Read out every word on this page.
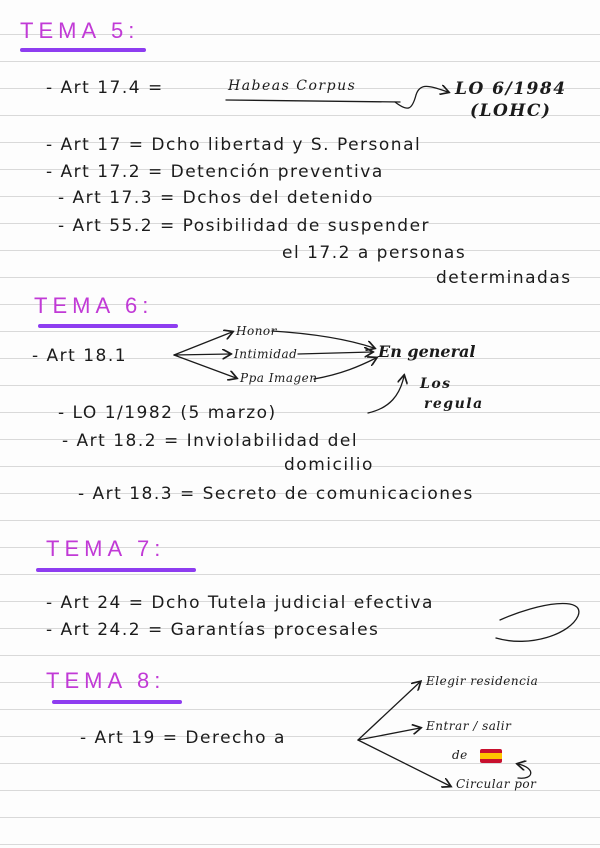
TEMA 5:
- Art 17.4 =	Habeas Corpus	LO 6/1984
(LOHC)
- Art 17 = Dcho libertad y S. Personal
- Art 17.2 = Detención preventiva
- Art 17.3 = Dchos del detenido
- Art 55.2 = Posibilidad de suspender
el 17.2 a personas
determinadas
TEMA 6:
- Art 18.1
Honor
Intimidad
Ppa Imagen
En general
Los
regula
- LO 1/1982 (5 marzo)
- Art 18.2 = Inviolabilidad del
domicilio
- Art 18.3 = Secreto de comunicaciones
TEMA 7:
- Art 24 = Dcho Tutela judicial efectiva
- Art 24.2 = Garantías procesales
TEMA 8:
- Art 19 = Derecho a
Elegir residencia
Entrar / salir
de
Circular por
